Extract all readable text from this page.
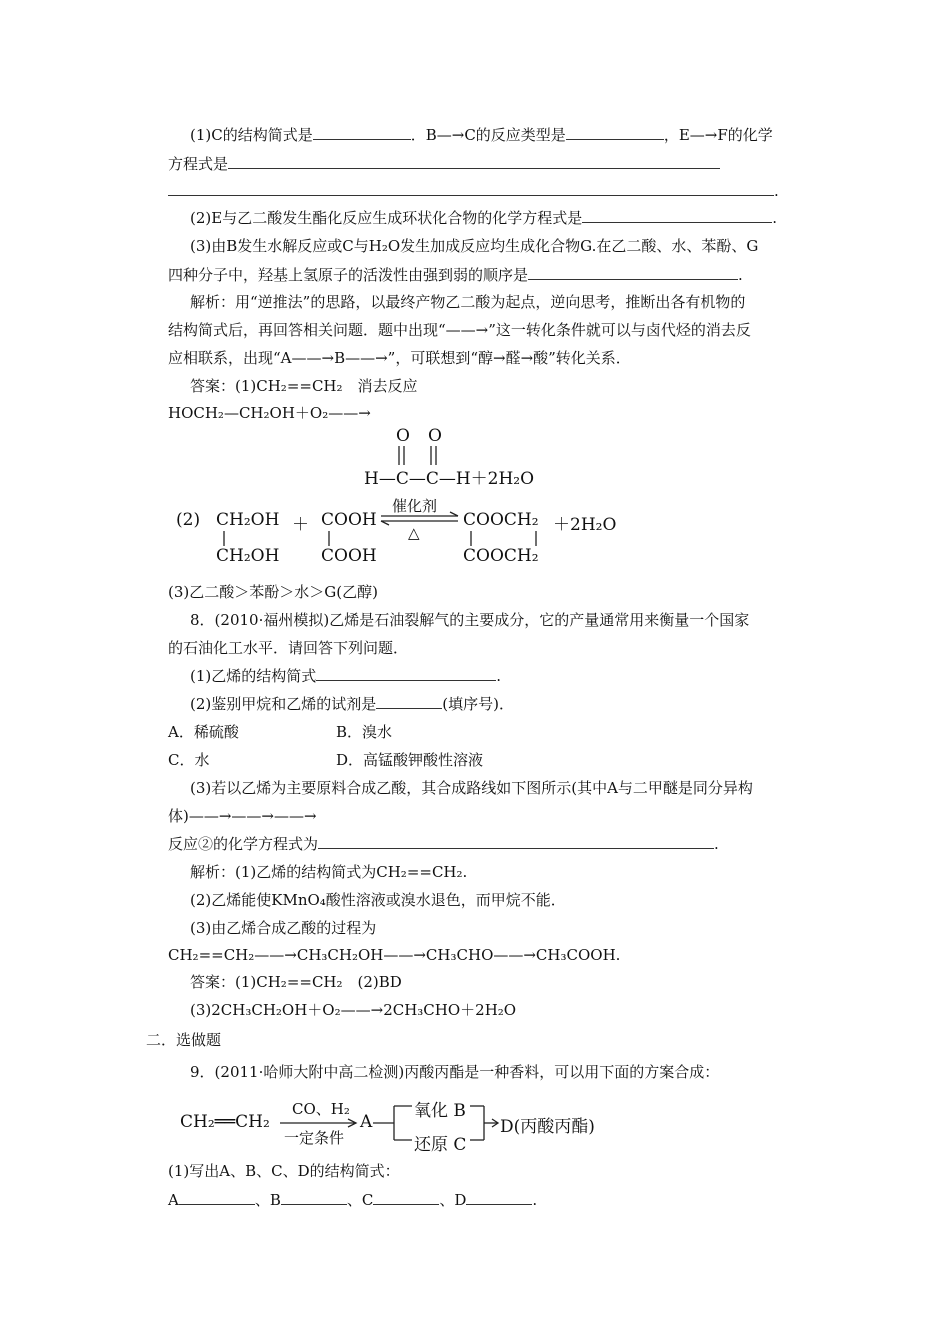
(1)C的结构简式是	．B—→C的反应类型是	，E—→F的化学
方程式是
.
(2)E与乙二酸发生酯化反应生成环状化合物的化学方程式是	.
(3)由B发生水解反应或C与H₂O发生加成反应均生成化合物G.在乙二酸、水、苯酚、G
四种分子中，羟基上氢原子的活泼性由强到弱的顺序是	.
解析：用“逆推法”的思路，以最终产物乙二酸为起点，逆向思考，推断出各有机物的
结构简式后，再回答相关问题．题中出现“——→”这一转化条件就可以与卤代烃的消去反
应相联系，出现“A——→B——→”，可联想到“醇→醛→酸”转化关系．
答案：(1)CH₂==CH₂　消去反应
HOCH₂—CH₂OH＋O₂——→
O O
H—C—C—H＋2H₂O
(2) CH₂OH ＋ COOH
催化剂
△
COOCH₂ ＋2H₂O
CH₂OH COOH	COOCH₂
(3)乙二酸＞苯酚＞水＞G(乙醇)
8．(2010·福州模拟)乙烯是石油裂解气的主要成分，它的产量通常用来衡量一个国家
的石油化工水平．请回答下列问题．
(1)乙烯的结构简式	.
(2)鉴别甲烷和乙烯的试剂是	(填序号)．
A．稀硫酸	B．溴水
C．水	D．高锰酸钾酸性溶液
(3)若以乙烯为主要原料合成乙酸，其合成路线如下图所示(其中A与二甲醚是同分异构
体)——→——→——→
反应②的化学方程式为	.
解析：(1)乙烯的结构简式为CH₂==CH₂.
(2)乙烯能使KMnO₄酸性溶液或溴水退色，而甲烷不能．
(3)由乙烯合成乙酸的过程为
CH₂==CH₂——→CH₃CH₂OH——→CH₃CHO——→CH₃COOH.
答案：(1)CH₂==CH₂　(2)BD
(3)2CH₃CH₂OH＋O₂——→2CH₃CHO＋2H₂O
二．选做题
9．(2011·哈师大附中高二检测)丙酸丙酯是一种香料，可以用下面的方案合成：
CH₂══CH₂
CO、H₂
一定条件
A
氧化 B
还原 C
D(丙酸丙酯)
(1)写出A、B、C、D的结构简式：
A	、B	、C	、D	.
